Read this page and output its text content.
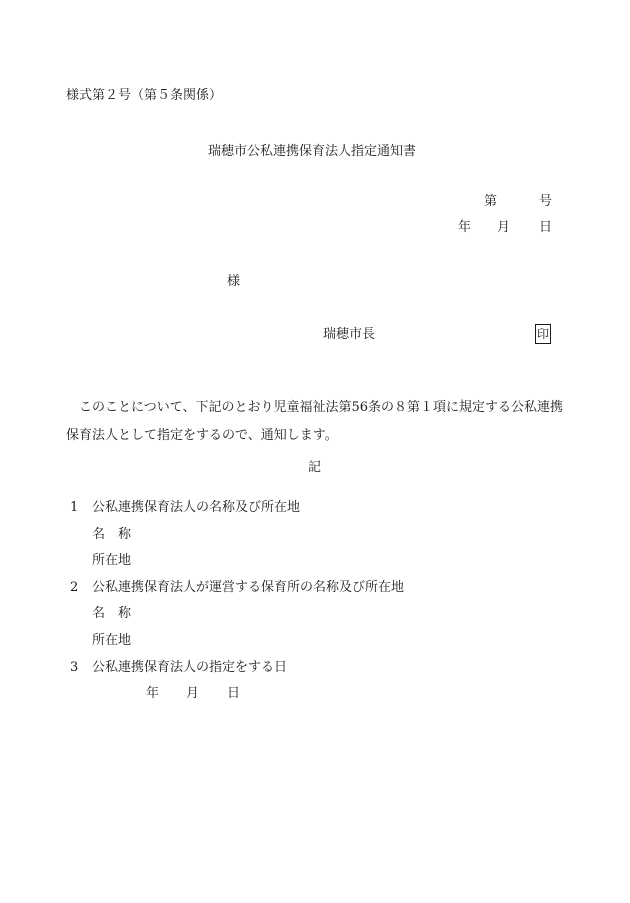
様式第２号（第５条関係）
瑞穂市公私連携保育法人指定通知書
第	号
年 月 日
様
瑞穂市長	印
このことについて、下記のとおり児童福祉法第56条の８第１項に規定する公私連携保育法人として指定をするので、通知します。
記
1 公私連携保育法人の名称及び所在地
名 称
所在地
2 公私連携保育法人が運営する保育所の名称及び所在地
名 称
所在地
3 公私連携保育法人の指定をする日
年 月 日
